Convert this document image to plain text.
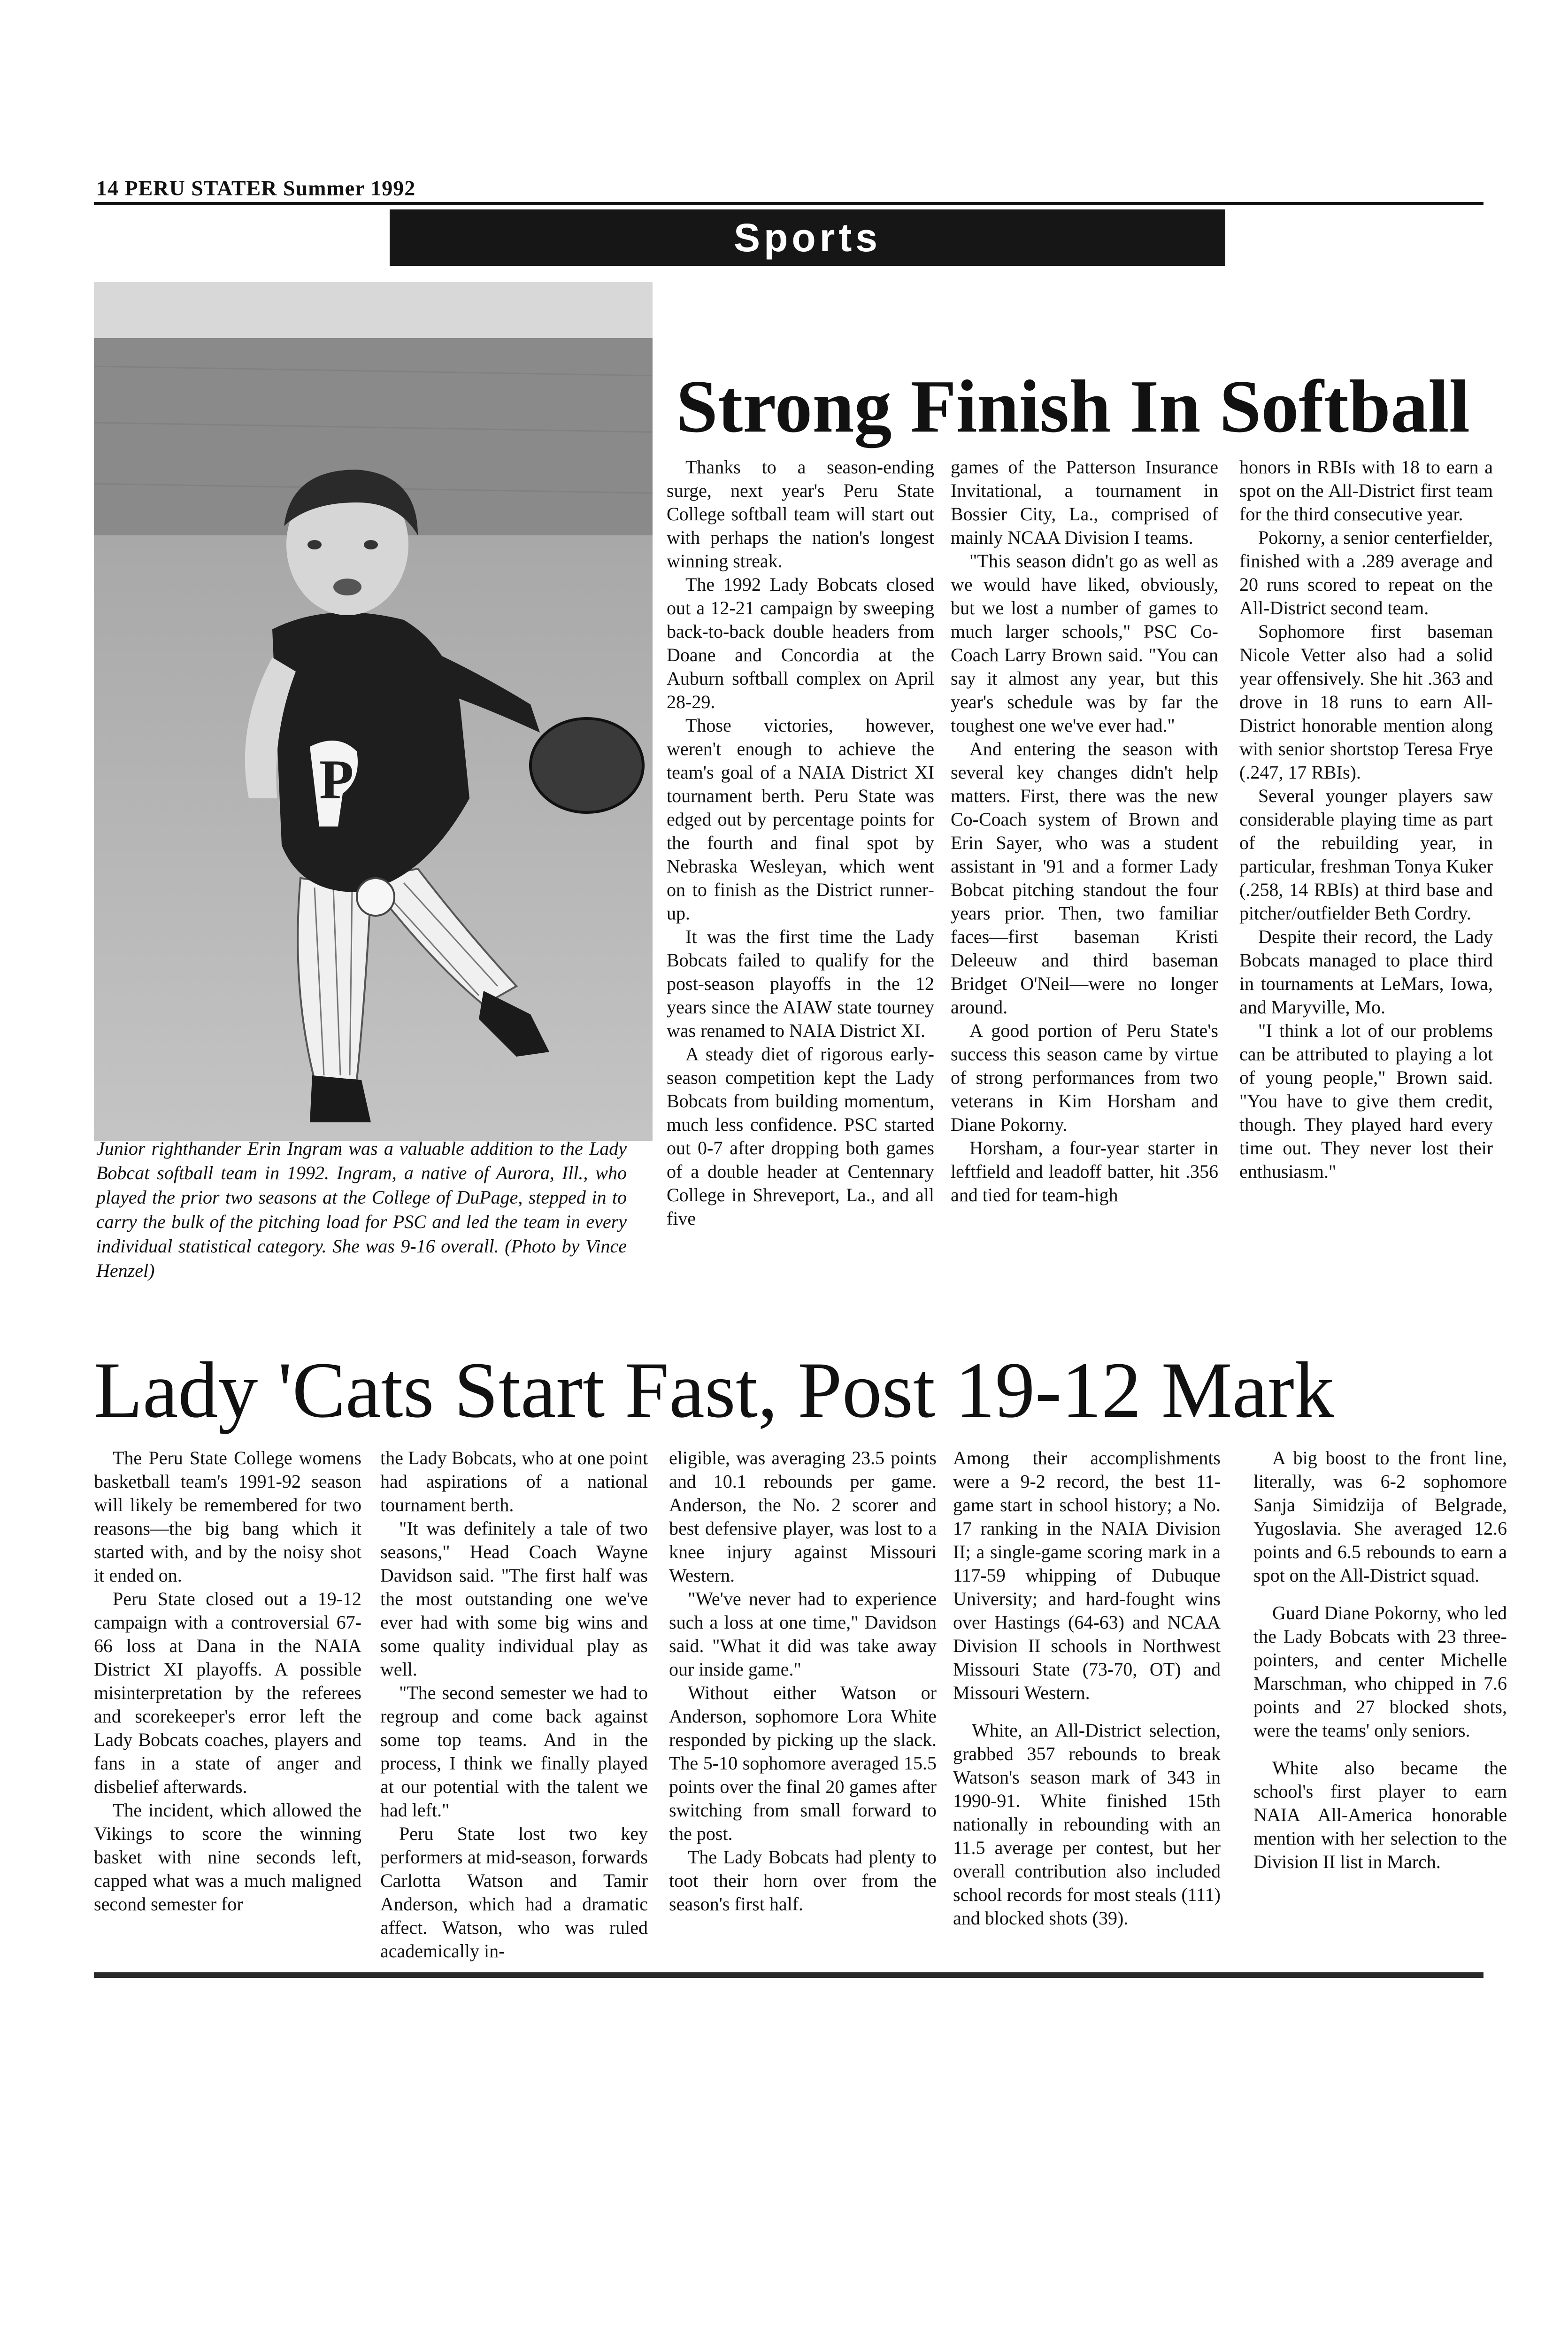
14 PERU STATER Summer 1992
Sports
P
Junior righthander Erin Ingram was a valuable addition to the Lady Bobcat softball team in 1992. Ingram, a native of Aurora, Ill., who played the prior two seasons at the College of DuPage, stepped in to carry the bulk of the pitching load for PSC and led the team in every individual statistical category. She was 9-16 overall. (Photo by Vince Henzel)
Strong Finish In Softball

Thanks to a season-ending surge, next year's Peru State College softball team will start out with perhaps the nation's longest winning streak.

The 1992 Lady Bobcats closed out a 12-21 campaign by sweeping back-to-back double headers from Doane and Concordia at the Auburn softball complex on April 28-29.

Those victories, however, weren't enough to achieve the team's goal of a NAIA District XI tournament berth. Peru State was edged out by percentage points for the fourth and final spot by Nebraska Wesleyan, which went on to finish as the District runner-up.

It was the first time the Lady Bobcats failed to qualify for the post-season playoffs in the 12 years since the AIAW state tourney was renamed to NAIA District XI.

A steady diet of rigorous early-season competition kept the Lady Bobcats from building momentum, much less confidence. PSC started out 0-7 after dropping both games of a double header at Centennary College in Shreveport, La., and all five

games of the Patterson Insurance Invitational, a tournament in Bossier City, La., comprised of mainly NCAA Division I teams.

"This season didn't go as well as we would have liked, obviously, but we lost a number of games to much larger schools," PSC Co-Coach Larry Brown said. "You can say it almost any year, but this year's schedule was by far the toughest one we've ever had."

And entering the season with several key changes didn't help matters. First, there was the new Co-Coach system of Brown and Erin Sayer, who was a student assistant in '91 and a former Lady Bobcat pitching standout the four years prior. Then, two familiar faces—first baseman Kristi Deleeuw and third baseman Bridget O'Neil—were no longer around.

A good portion of Peru State's success this season came by virtue of strong performances from two veterans in Kim Horsham and Diane Pokorny.

Horsham, a four-year starter in leftfield and leadoff batter, hit .356 and tied for team-high

honors in RBIs with 18 to earn a spot on the All-District first team for the third consecutive year.

Pokorny, a senior centerfielder, finished with a .289 average and 20 runs scored to repeat on the All-District second team.

Sophomore first baseman Nicole Vetter also had a solid year offensively. She hit .363 and drove in 18 runs to earn All-District honorable mention along with senior shortstop Teresa Frye (.247, 17 RBIs).

Several younger players saw considerable playing time as part of the rebuilding year, in particular, freshman Tonya Kuker (.258, 14 RBIs) at third base and pitcher/outfielder Beth Cordry.

Despite their record, the Lady Bobcats managed to place third in tournaments at LeMars, Iowa, and Maryville, Mo.

"I think a lot of our problems can be attributed to playing a lot of young people," Brown said. "You have to give them credit, though. They played hard every time out. They never lost their enthusiasm."

Lady 'Cats Start Fast, Post 19-12 Mark

The Peru State College womens basketball team's 1991-92 season will likely be remembered for two reasons—the big bang which it started with, and by the noisy shot it ended on.

Peru State closed out a 19-12 campaign with a controversial 67-66 loss at Dana in the NAIA District XI playoffs. A possible misinterpretation by the referees and scorekeeper's error left the Lady Bobcats coaches, players and fans in a state of anger and disbelief afterwards.

The incident, which allowed the Vikings to score the winning basket with nine seconds left, capped what was a much maligned second semester for

the Lady Bobcats, who at one point had aspirations of a national tournament berth.

"It was definitely a tale of two seasons," Head Coach Wayne Davidson said. "The first half was the most outstanding one we've ever had with some big wins and some quality individual play as well.

"The second semester we had to regroup and come back against some top teams. And in the process, I think we finally played at our potential with the talent we had left."

Peru State lost two key performers at mid-season, forwards Carlotta Watson and Tamir Anderson, which had a dramatic affect. Watson, who was ruled academically in-

eligible, was averaging 23.5 points and 10.1 rebounds per game. Anderson, the No. 2 scorer and best defensive player, was lost to a knee injury against Missouri Western.

"We've never had to experience such a loss at one time," Davidson said. "What it did was take away our inside game."

Without either Watson or Anderson, sophomore Lora White responded by picking up the slack. The 5-10 sophomore averaged 15.5 points over the final 20 games after switching from small forward to the post.

The Lady Bobcats had plenty to toot their horn over from the season's first half.

Among their accomplishments were a 9-2 record, the best 11-game start in school history; a No. 17 ranking in the NAIA Division II; a single-game scoring mark in a 117-59 whipping of Dubuque University; and hard-fought wins over Hastings (64-63) and NCAA Division II schools in Northwest Missouri State (73-70, OT) and Missouri Western.

White, an All-District selection, grabbed 357 rebounds to break Watson's season mark of 343 in 1990-91. White finished 15th nationally in rebounding with an 11.5 average per contest, but her overall contribution also included school records for most steals (111) and blocked shots (39).

A big boost to the front line, literally, was 6-2 sophomore Sanja Simidzija of Belgrade, Yugoslavia. She averaged 12.6 points and 6.5 rebounds to earn a spot on the All-District squad.

Guard Diane Pokorny, who led the Lady Bobcats with 23 three-pointers, and center Michelle Marschman, who chipped in 7.6 points and 27 blocked shots, were the teams' only seniors.

White also became the school's first player to earn NAIA All-America honorable mention with her selection to the Division II list in March.
